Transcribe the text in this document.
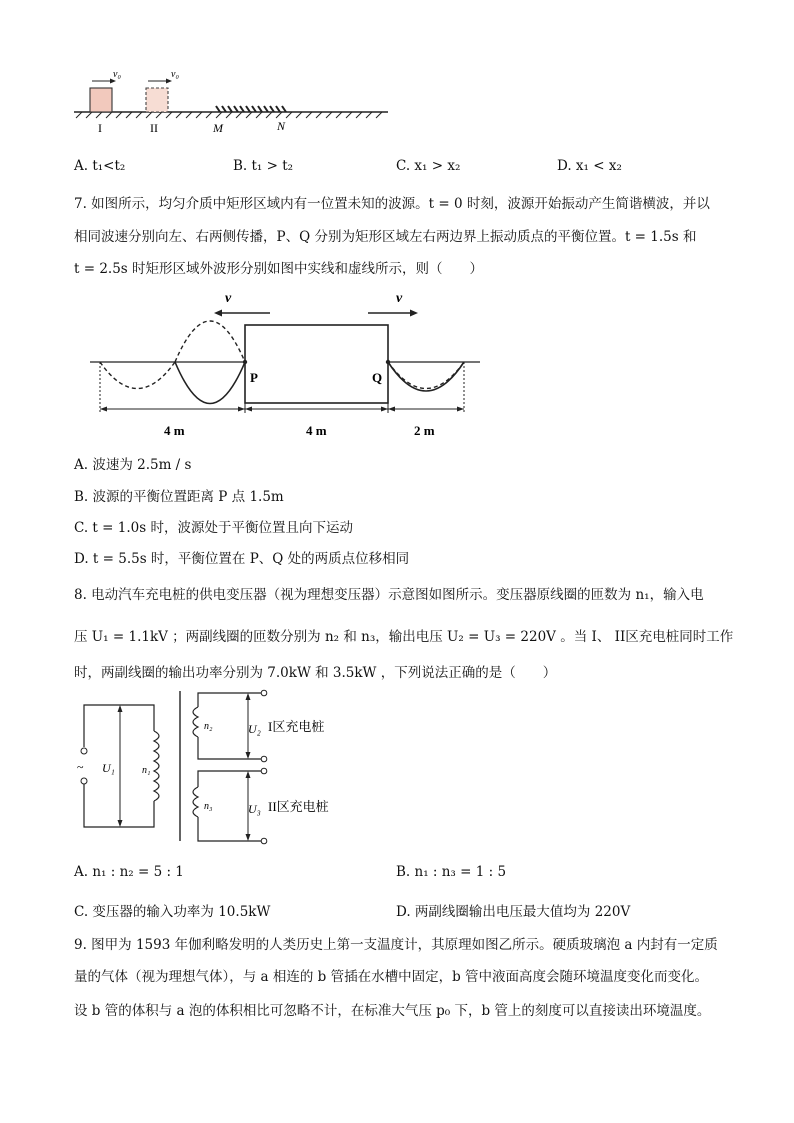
v₀	v₀
I	II	M	N
A. t₁<t₂	B. t₁ > t₂	C. x₁ > x₂	D. x₁ < x₂
7. 如图所示，均匀介质中矩形区域内有一位置未知的波源。t = 0 时刻，波源开始振动产生简谐横波，并以
相同波速分别向左、右两侧传播，P、Q 分别为矩形区域左右两边界上振动质点的平衡位置。t = 1.5s 和
t = 2.5s 时矩形区域外波形分别如图中实线和虚线所示，则（　　）
P	Q
v	v
4 m	4 m	2 m
A. 波速为 2.5m / s
B. 波源的平衡位置距离 P 点 1.5m
C. t = 1.0s 时，波源处于平衡位置且向下运动
D. t = 5.5s 时，平衡位置在 P、Q 处的两质点位移相同
8. 电动汽车充电桩的供电变压器（视为理想变压器）示意图如图所示。变压器原线圈的匝数为 n₁，输入电
压 U₁ = 1.1kV ；两副线圈的匝数分别为 n₂ 和 n₃，输出电压 U₂ = U₃ = 220V 。当 I、 II区充电桩同时工作
时，两副线圈的输出功率分别为 7.0kW 和 3.5kW ，下列说法正确的是（　　）
~ U₁	n₁
n₂	U₂ I区充电桩
n₃	U₃ II区充电桩
A. n₁ : n₂ = 5 : 1	B. n₁ : n₃ = 1 : 5
C. 变压器的输入功率为 10.5kW	D. 两副线圈输出电压最大值均为 220V
9. 图甲为 1593 年伽利略发明的人类历史上第一支温度计，其原理如图乙所示。硬质玻璃泡 a 内封有一定质
量的气体（视为理想气体），与 a 相连的 b 管插在水槽中固定，b 管中液面高度会随环境温度变化而变化。
设 b 管的体积与 a 泡的体积相比可忽略不计，在标准大气压 p₀ 下，b 管上的刻度可以直接读出环境温度。
